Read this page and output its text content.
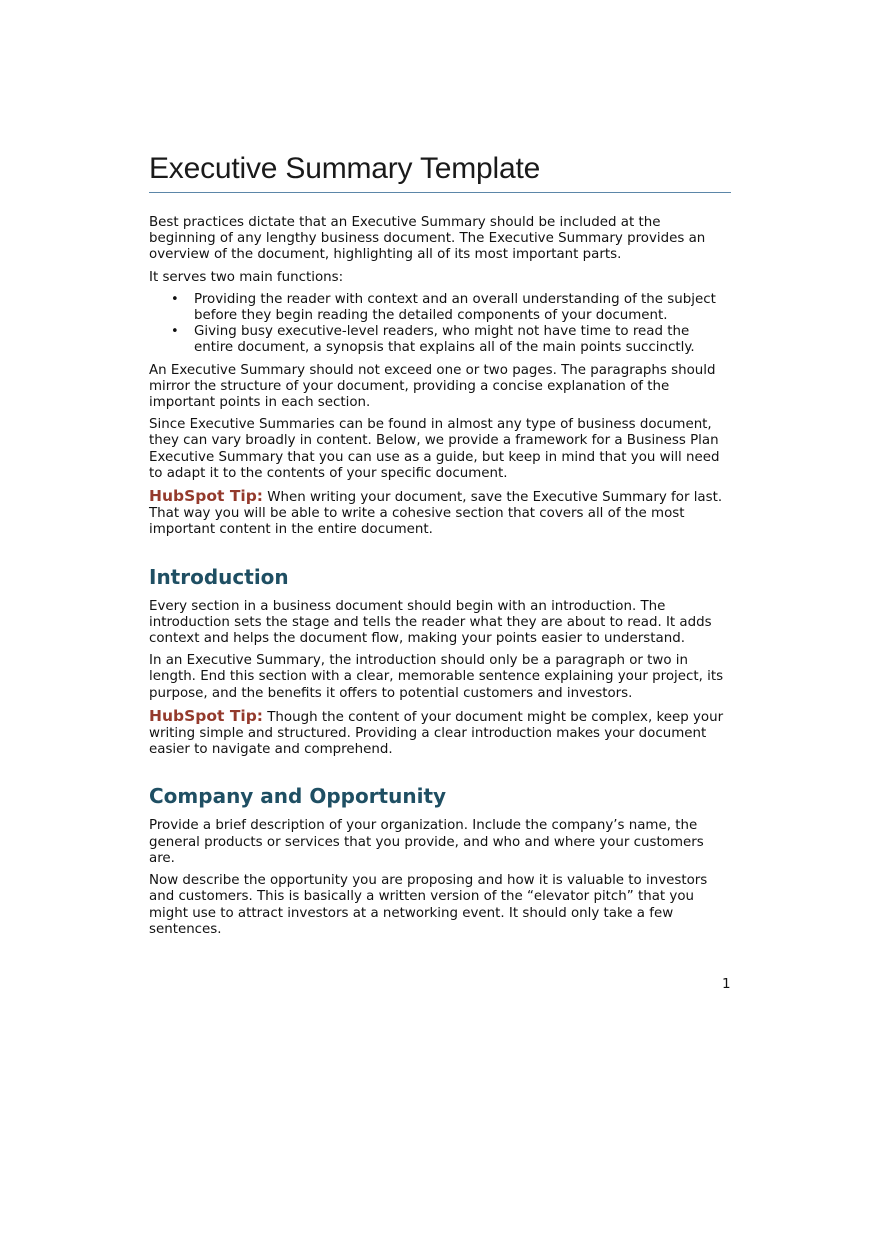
Executive Summary Template

Best practices dictate that an Executive Summary should be included at the beginning of any lengthy business document. The Executive Summary provides an overview of the document, highlighting all of its most important parts.

It serves two main functions:

• Providing the reader with context and an overall understanding of the subject before they begin reading the detailed components of your document.
• Giving busy executive-level readers, who might not have time to read the entire document, a synopsis that explains all of the main points succinctly.

An Executive Summary should not exceed one or two pages. The paragraphs should mirror the structure of your document, providing a concise explanation of the important points in each section.

Since Executive Summaries can be found in almost any type of business document, they can vary broadly in content. Below, we provide a framework for a Business Plan Executive Summary that you can use as a guide, but keep in mind that you will need to adapt it to the contents of your specific document.

HubSpot Tip: When writing your document, save the Executive Summary for last. That way you will be able to write a cohesive section that covers all of the most important content in the entire document.

Introduction

Every section in a business document should begin with an introduction. The introduction sets the stage and tells the reader what they are about to read. It adds context and helps the document flow, making your points easier to understand.

In an Executive Summary, the introduction should only be a paragraph or two in length. End this section with a clear, memorable sentence explaining your project, its purpose, and the benefits it offers to potential customers and investors.

HubSpot Tip: Though the content of your document might be complex, keep your writing simple and structured. Providing a clear introduction makes your document easier to navigate and comprehend.

Company and Opportunity

Provide a brief description of your organization. Include the company’s name, the general products or services that you provide, and who and where your customers are.

Now describe the opportunity you are proposing and how it is valuable to investors and customers. This is basically a written version of the “elevator pitch” that you might use to attract investors at a networking event. It should only take a few sentences.

1
